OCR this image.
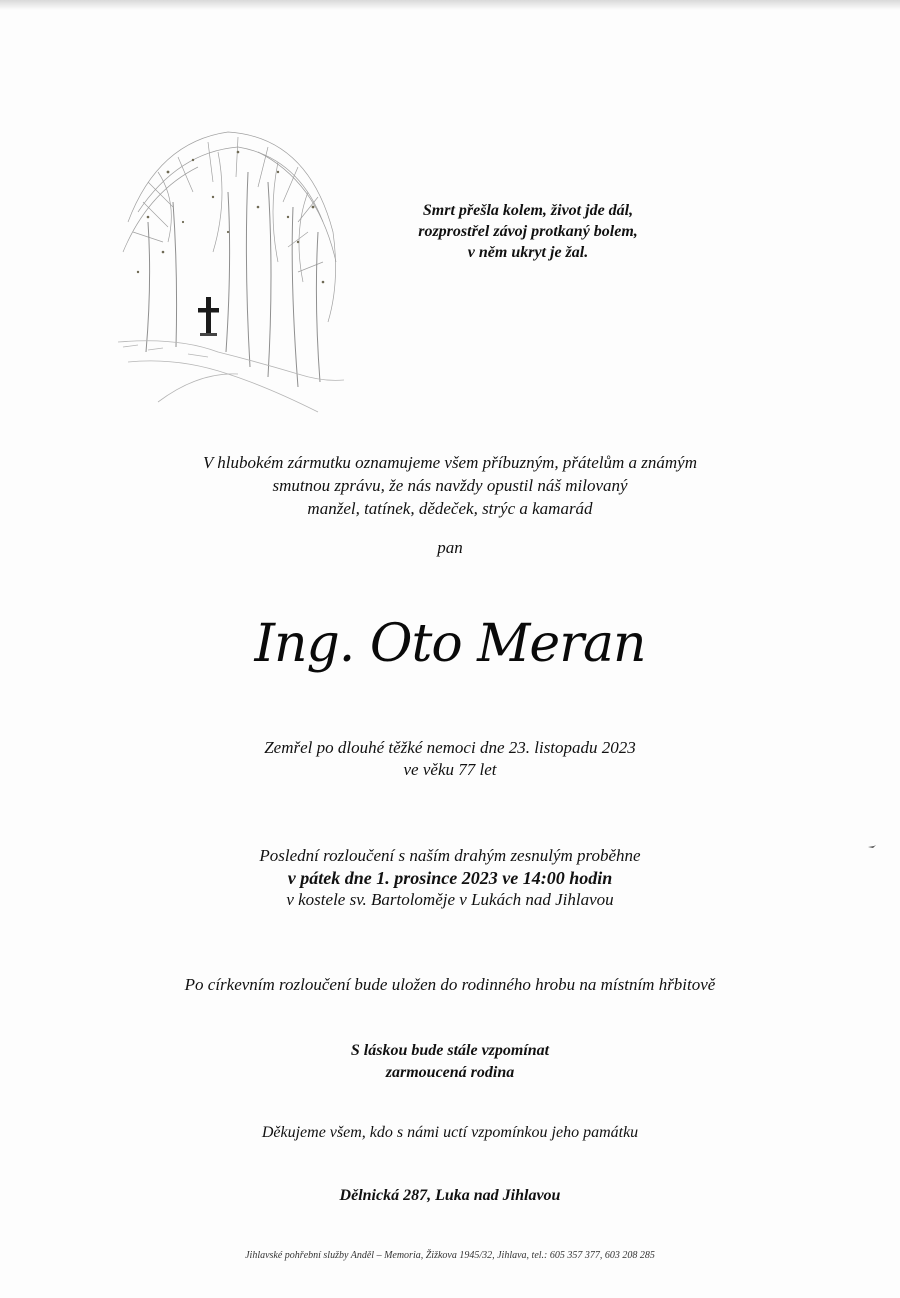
Smrt přešla kolem, život jde dál,
rozprostřel závoj protkaný bolem,
v něm ukryt je žal.
V hlubokém zármutku oznamujeme všem příbuzným, přátelům a známým
smutnou zprávu, že nás navždy opustil náš milovaný
manžel, tatínek, dědeček, strýc a kamarád
pan
Ing. Oto Meran
Zemřel po dlouhé těžké nemoci dne 23. listopadu 2023
ve věku 77 let
Poslední rozloučení s naším drahým zesnulým proběhne
v pátek dne 1. prosince 2023 ve 14:00 hodin
v kostele sv. Bartoloměje v Lukách nad Jihlavou
Po církevním rozloučení bude uložen do rodinného hrobu na místním hřbitově
S láskou bude stále vzpomínat
zarmoucená rodina
Děkujeme všem, kdo s námi uctí vzpomínkou jeho památku
Dělnická 287, Luka nad Jihlavou
Jihlavské pohřební služby Anděl – Memoria, Žižkova 1945/32, Jihlava, tel.: 605 357 377, 603 208 285
